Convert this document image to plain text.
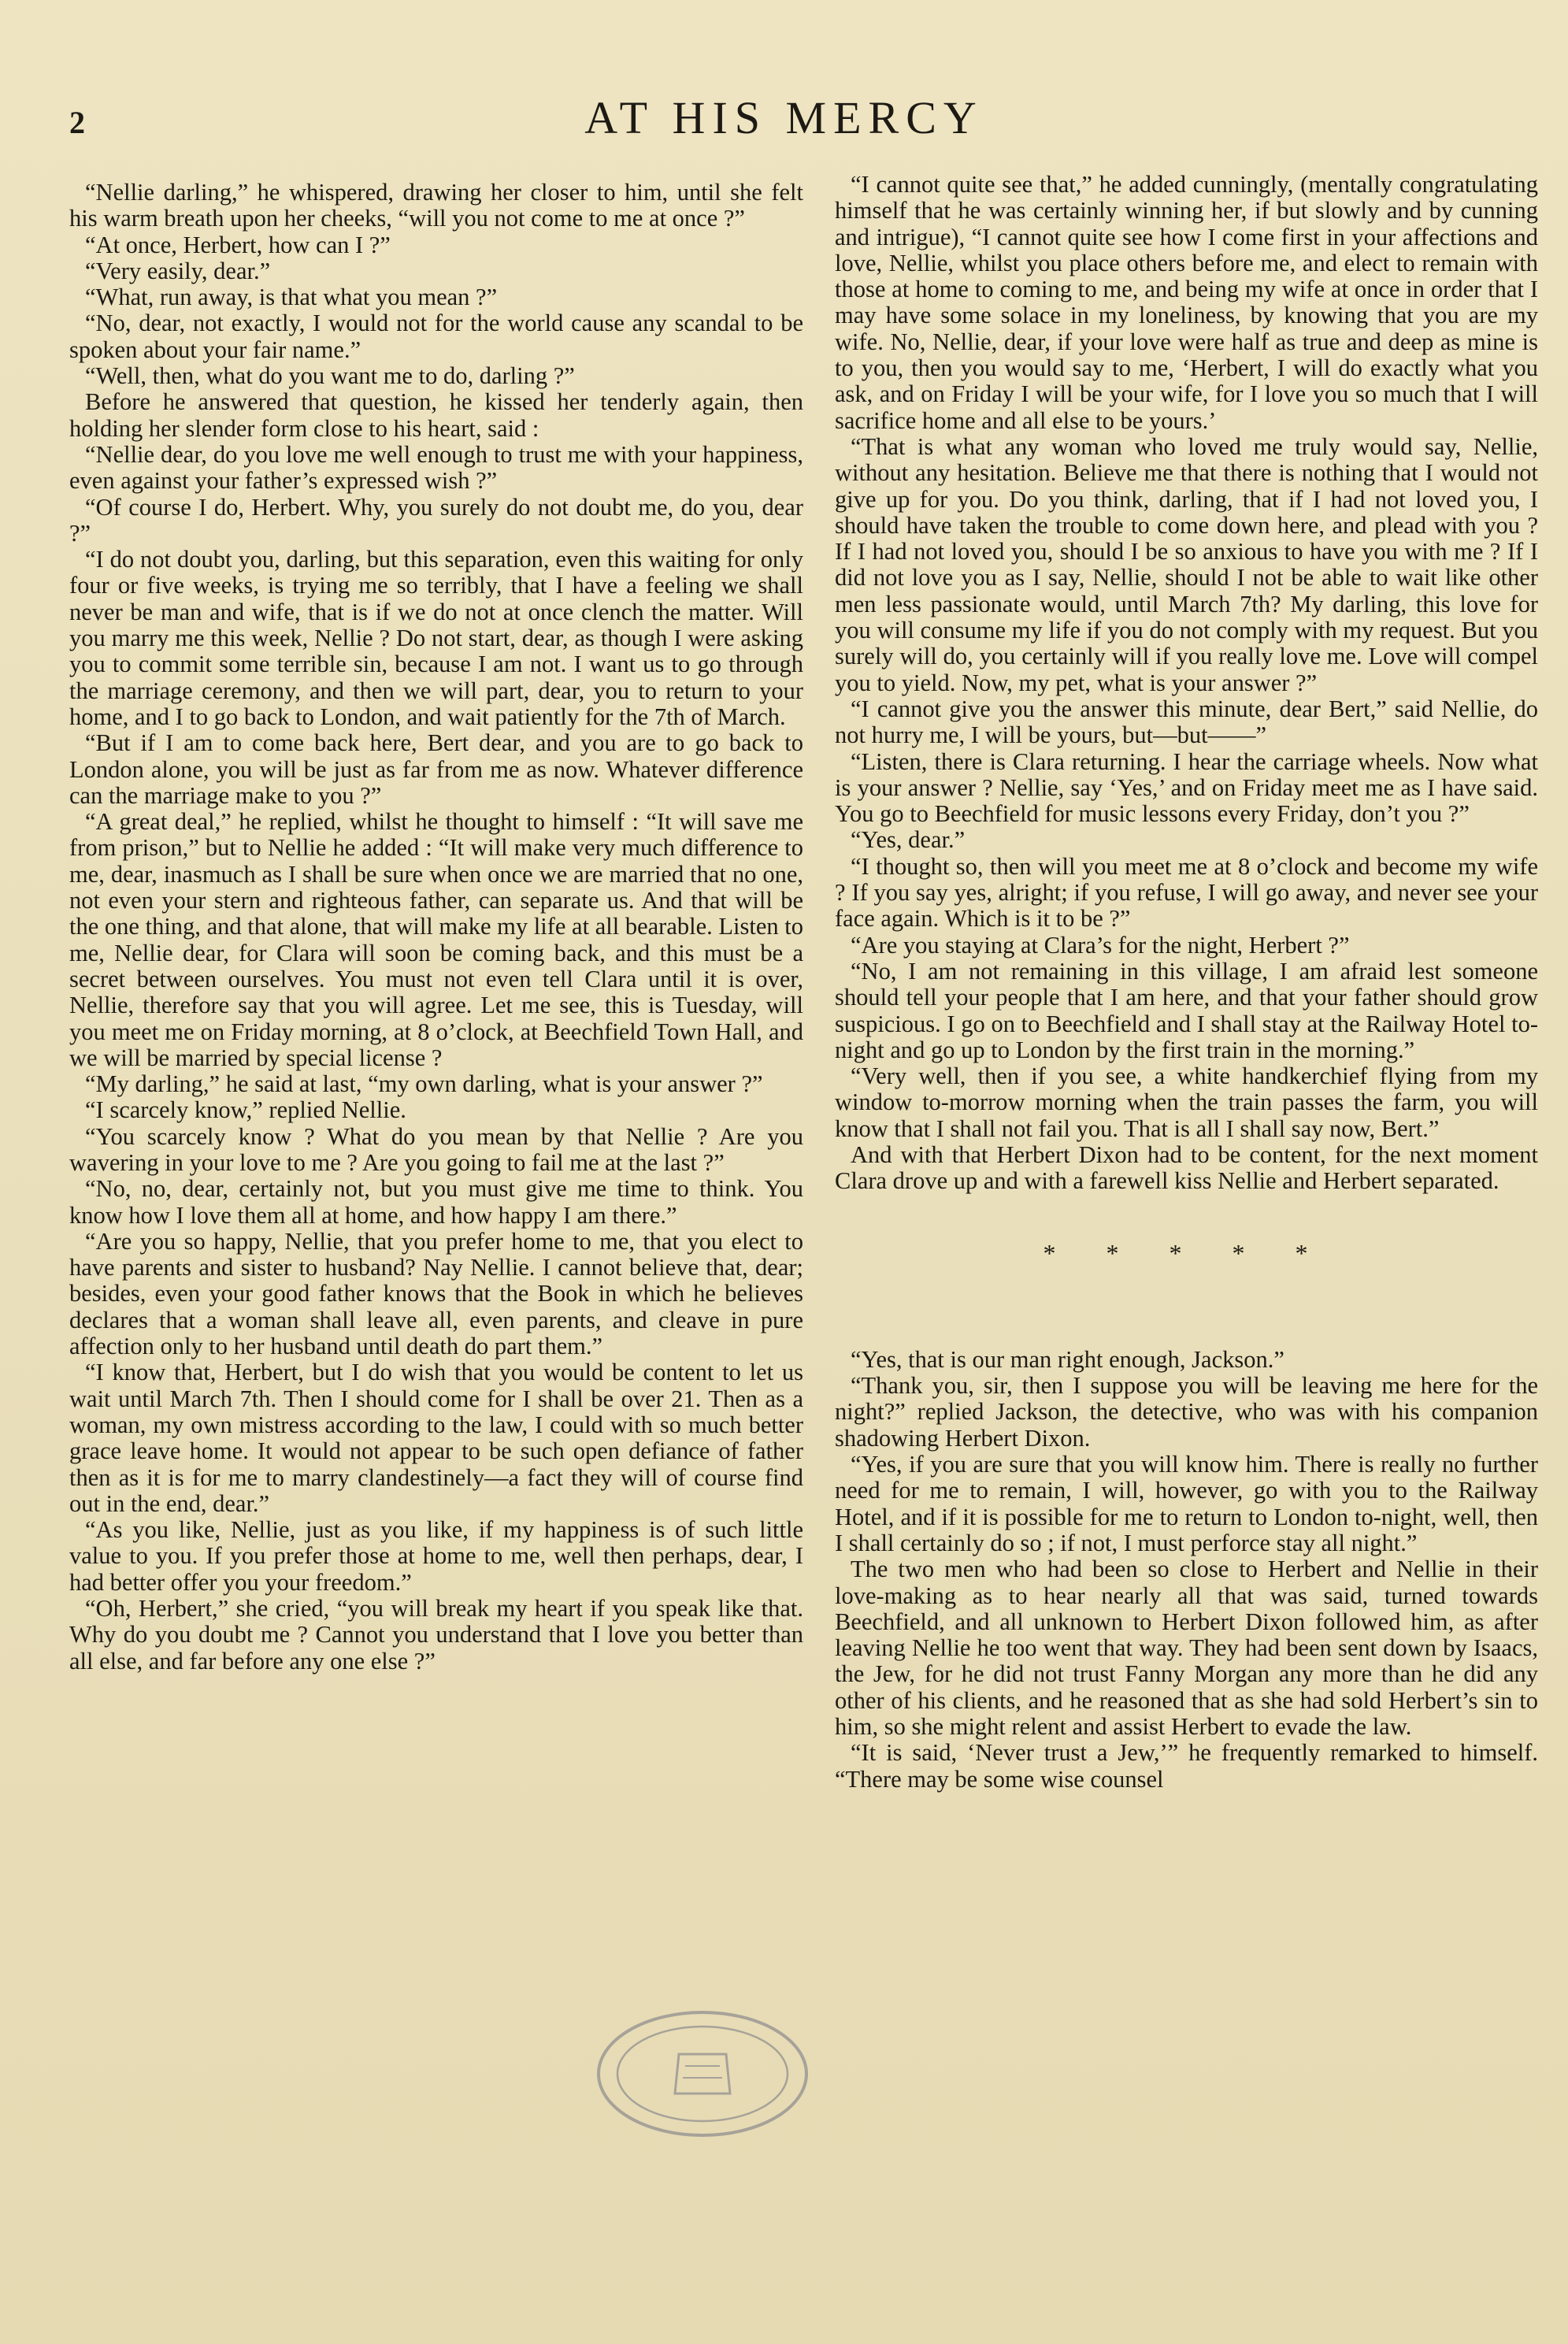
2	AT HIS MERCY

“Nellie darling,” he whispered, drawing her closer to him, until she felt his warm breath upon her cheeks, “will you not come to me at once ?”

“At once, Herbert, how can I ?”

“Very easily, dear.”

“What, run away, is that what you mean ?”

“No, dear, not exactly, I would not for the world cause any scandal to be spoken about your fair name.”

“Well, then, what do you want me to do, darling ?”

Before he answered that question, he kissed her tenderly again, then holding her slender form close to his heart, said :

“Nellie dear, do you love me well enough to trust me with your happiness, even against your father’s expressed wish ?”

“Of course I do, Herbert. Why, you surely do not doubt me, do you, dear ?”

“I do not doubt you, darling, but this separation, even this waiting for only four or five weeks, is trying me so terribly, that I have a feeling we shall never be man and wife, that is if we do not at once clench the matter. Will you marry me this week, Nellie ? Do not start, dear, as though I were asking you to commit some terrible sin, because I am not. I want us to go through the marriage ceremony, and then we will part, dear, you to return to your home, and I to go back to London, and wait patiently for the 7th of March.

“But if I am to come back here, Bert dear, and you are to go back to London alone, you will be just as far from me as now. Whatever difference can the marriage make to you ?”

“A great deal,” he replied, whilst he thought to himself : “It will save me from prison,” but to Nellie he added : “It will make very much difference to me, dear, inasmuch as I shall be sure when once we are married that no one, not even your stern and righteous father, can separate us. And that will be the one thing, and that alone, that will make my life at all bearable. Listen to me, Nellie dear, for Clara will soon be coming back, and this must be a secret between ourselves. You must not even tell Clara until it is over, Nellie, therefore say that you will agree. Let me see, this is Tuesday, will you meet me on Friday morning, at 8 o’clock, at Beechfield Town Hall, and we will be married by special license ?

“My darling,” he said at last, “my own darling, what is your answer ?”

“I scarcely know,” replied Nellie.

“You scarcely know ? What do you mean by that Nellie ? Are you wavering in your love to me ? Are you going to fail me at the last ?”

“No, no, dear, certainly not, but you must give me time to think. You know how I love them all at home, and how happy I am there.”

“Are you so happy, Nellie, that you prefer home to me, that you elect to have parents and sister to husband? Nay Nellie. I cannot believe that, dear; besides, even your good father knows that the Book in which he believes declares that a woman shall leave all, even parents, and cleave in pure affection only to her husband until death do part them.”

“I know that, Herbert, but I do wish that you would be content to let us wait until March 7th. Then I should come for I shall be over 21. Then as a woman, my own mistress according to the law, I could with so much better grace leave home. It would not appear to be such open defiance of father then as it is for me to marry clandestinely—a fact they will of course find out in the end, dear.”

“As you like, Nellie, just as you like, if my happiness is of such little value to you. If you prefer those at home to me, well then perhaps, dear, I had better offer you your freedom.”

“Oh, Herbert,” she cried, “you will break my heart if you speak like that. Why do you doubt me ? Cannot you understand that I love you better than all else, and far before any one else ?”

“I cannot quite see that,” he added cunningly, (mentally congratulating himself that he was certainly winning her, if but slowly and by cunning and intrigue), “I cannot quite see how I come first in your affections and love, Nellie, whilst you place others before me, and elect to remain with those at home to coming to me, and being my wife at once in order that I may have some solace in my loneliness, by knowing that you are my wife. No, Nellie, dear, if your love were half as true and deep as mine is to you, then you would say to me, ‘Herbert, I will do exactly what you ask, and on Friday I will be your wife, for I love you so much that I will sacrifice home and all else to be yours.’

“That is what any woman who loved me truly would say, Nellie, without any hesitation. Believe me that there is nothing that I would not give up for you. Do you think, darling, that if I had not loved you, I should have taken the trouble to come down here, and plead with you ? If I had not loved you, should I be so anxious to have you with me ? If I did not love you as I say, Nellie, should I not be able to wait like other men less passionate would, until March 7th? My darling, this love for you will consume my life if you do not comply with my request. But you surely will do, you certainly will if you really love me. Love will compel you to yield. Now, my pet, what is your answer ?”

“I cannot give you the answer this minute, dear Bert,” said Nellie, do not hurry me, I will be yours, but—but——”

“Listen, there is Clara returning. I hear the carriage wheels. Now what is your answer ? Nellie, say ‘Yes,’ and on Friday meet me as I have said. You go to Beechfield for music lessons every Friday, don’t you ?”

“Yes, dear.”

“I thought so, then will you meet me at 8 o’clock and become my wife ? If you say yes, alright; if you refuse, I will go away, and never see your face again. Which is it to be ?”

“Are you staying at Clara’s for the night, Herbert ?”

“No, I am not remaining in this village, I am afraid lest someone should tell your people that I am here, and that your father should grow suspicious. I go on to Beechfield and I shall stay at the Railway Hotel to-night and go up to London by the first train in the morning.”

“Very well, then if you see, a white handkerchief flying from my window to-morrow morning when the train passes the farm, you will know that I shall not fail you. That is all I shall say now, Bert.”

And with that Herbert Dixon had to be content, for the next moment Clara drove up and with a farewell kiss Nellie and Herbert separated.

* * * * *

“Yes, that is our man right enough, Jackson.”

“Thank you, sir, then I suppose you will be leaving me here for the night?” replied Jackson, the detective, who was with his companion shadowing Herbert Dixon.

“Yes, if you are sure that you will know him. There is really no further need for me to remain, I will, however, go with you to the Railway Hotel, and if it is possible for me to return to London to-night, well, then I shall certainly do so ; if not, I must perforce stay all night.”

The two men who had been so close to Herbert and Nellie in their love-making as to hear nearly all that was said, turned towards Beechfield, and all unknown to Herbert Dixon followed him, as after leaving Nellie he too went that way. They had been sent down by Isaacs, the Jew, for he did not trust Fanny Morgan any more than he did any other of his clients, and he reasoned that as she had sold Herbert’s sin to him, so she might relent and assist Herbert to evade the law.

“It is said, ‘Never trust a Jew,’” he frequently remarked to himself. “There may be some wise counsel
